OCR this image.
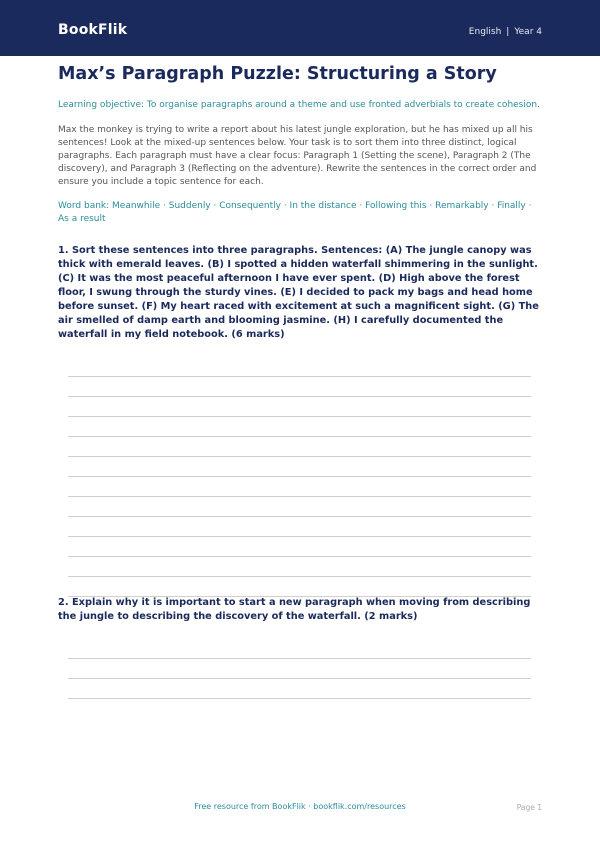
BookFlik	English | Year 4
Max’s Paragraph Puzzle: Structuring a Story

Learning objective: To organise paragraphs around a theme and use fronted adverbials to create cohesion.

Max the monkey is trying to write a report about his latest jungle exploration, but he has mixed up all his sentences! Look at the mixed-up sentences below. Your task is to sort them into three distinct, logical paragraphs. Each paragraph must have a clear focus: Paragraph 1 (Setting the scene), Paragraph 2 (The discovery), and Paragraph 3 (Reflecting on the adventure). Rewrite the sentences in the correct order and ensure you include a topic sentence for each.

Word bank: Meanwhile · Suddenly · Consequently · In the distance · Following this · Remarkably · Finally · As a result

1. Sort these sentences into three paragraphs. Sentences: (A) The jungle canopy was thick with emerald leaves. (B) I spotted a hidden waterfall shimmering in the sunlight. (C) It was the most peaceful afternoon I have ever spent. (D) High above the forest floor, I swung through the sturdy vines. (E) I decided to pack my bags and head home before sunset. (F) My heart raced with excitement at such a magnificent sight. (G) The air smelled of damp earth and blooming jasmine. (H) I carefully documented the waterfall in my field notebook. (6 marks)

2. Explain why it is important to start a new paragraph when moving from describing the jungle to describing the discovery of the waterfall. (2 marks)

Free resource from BookFlik · bookflik.com/resources	Page 1
